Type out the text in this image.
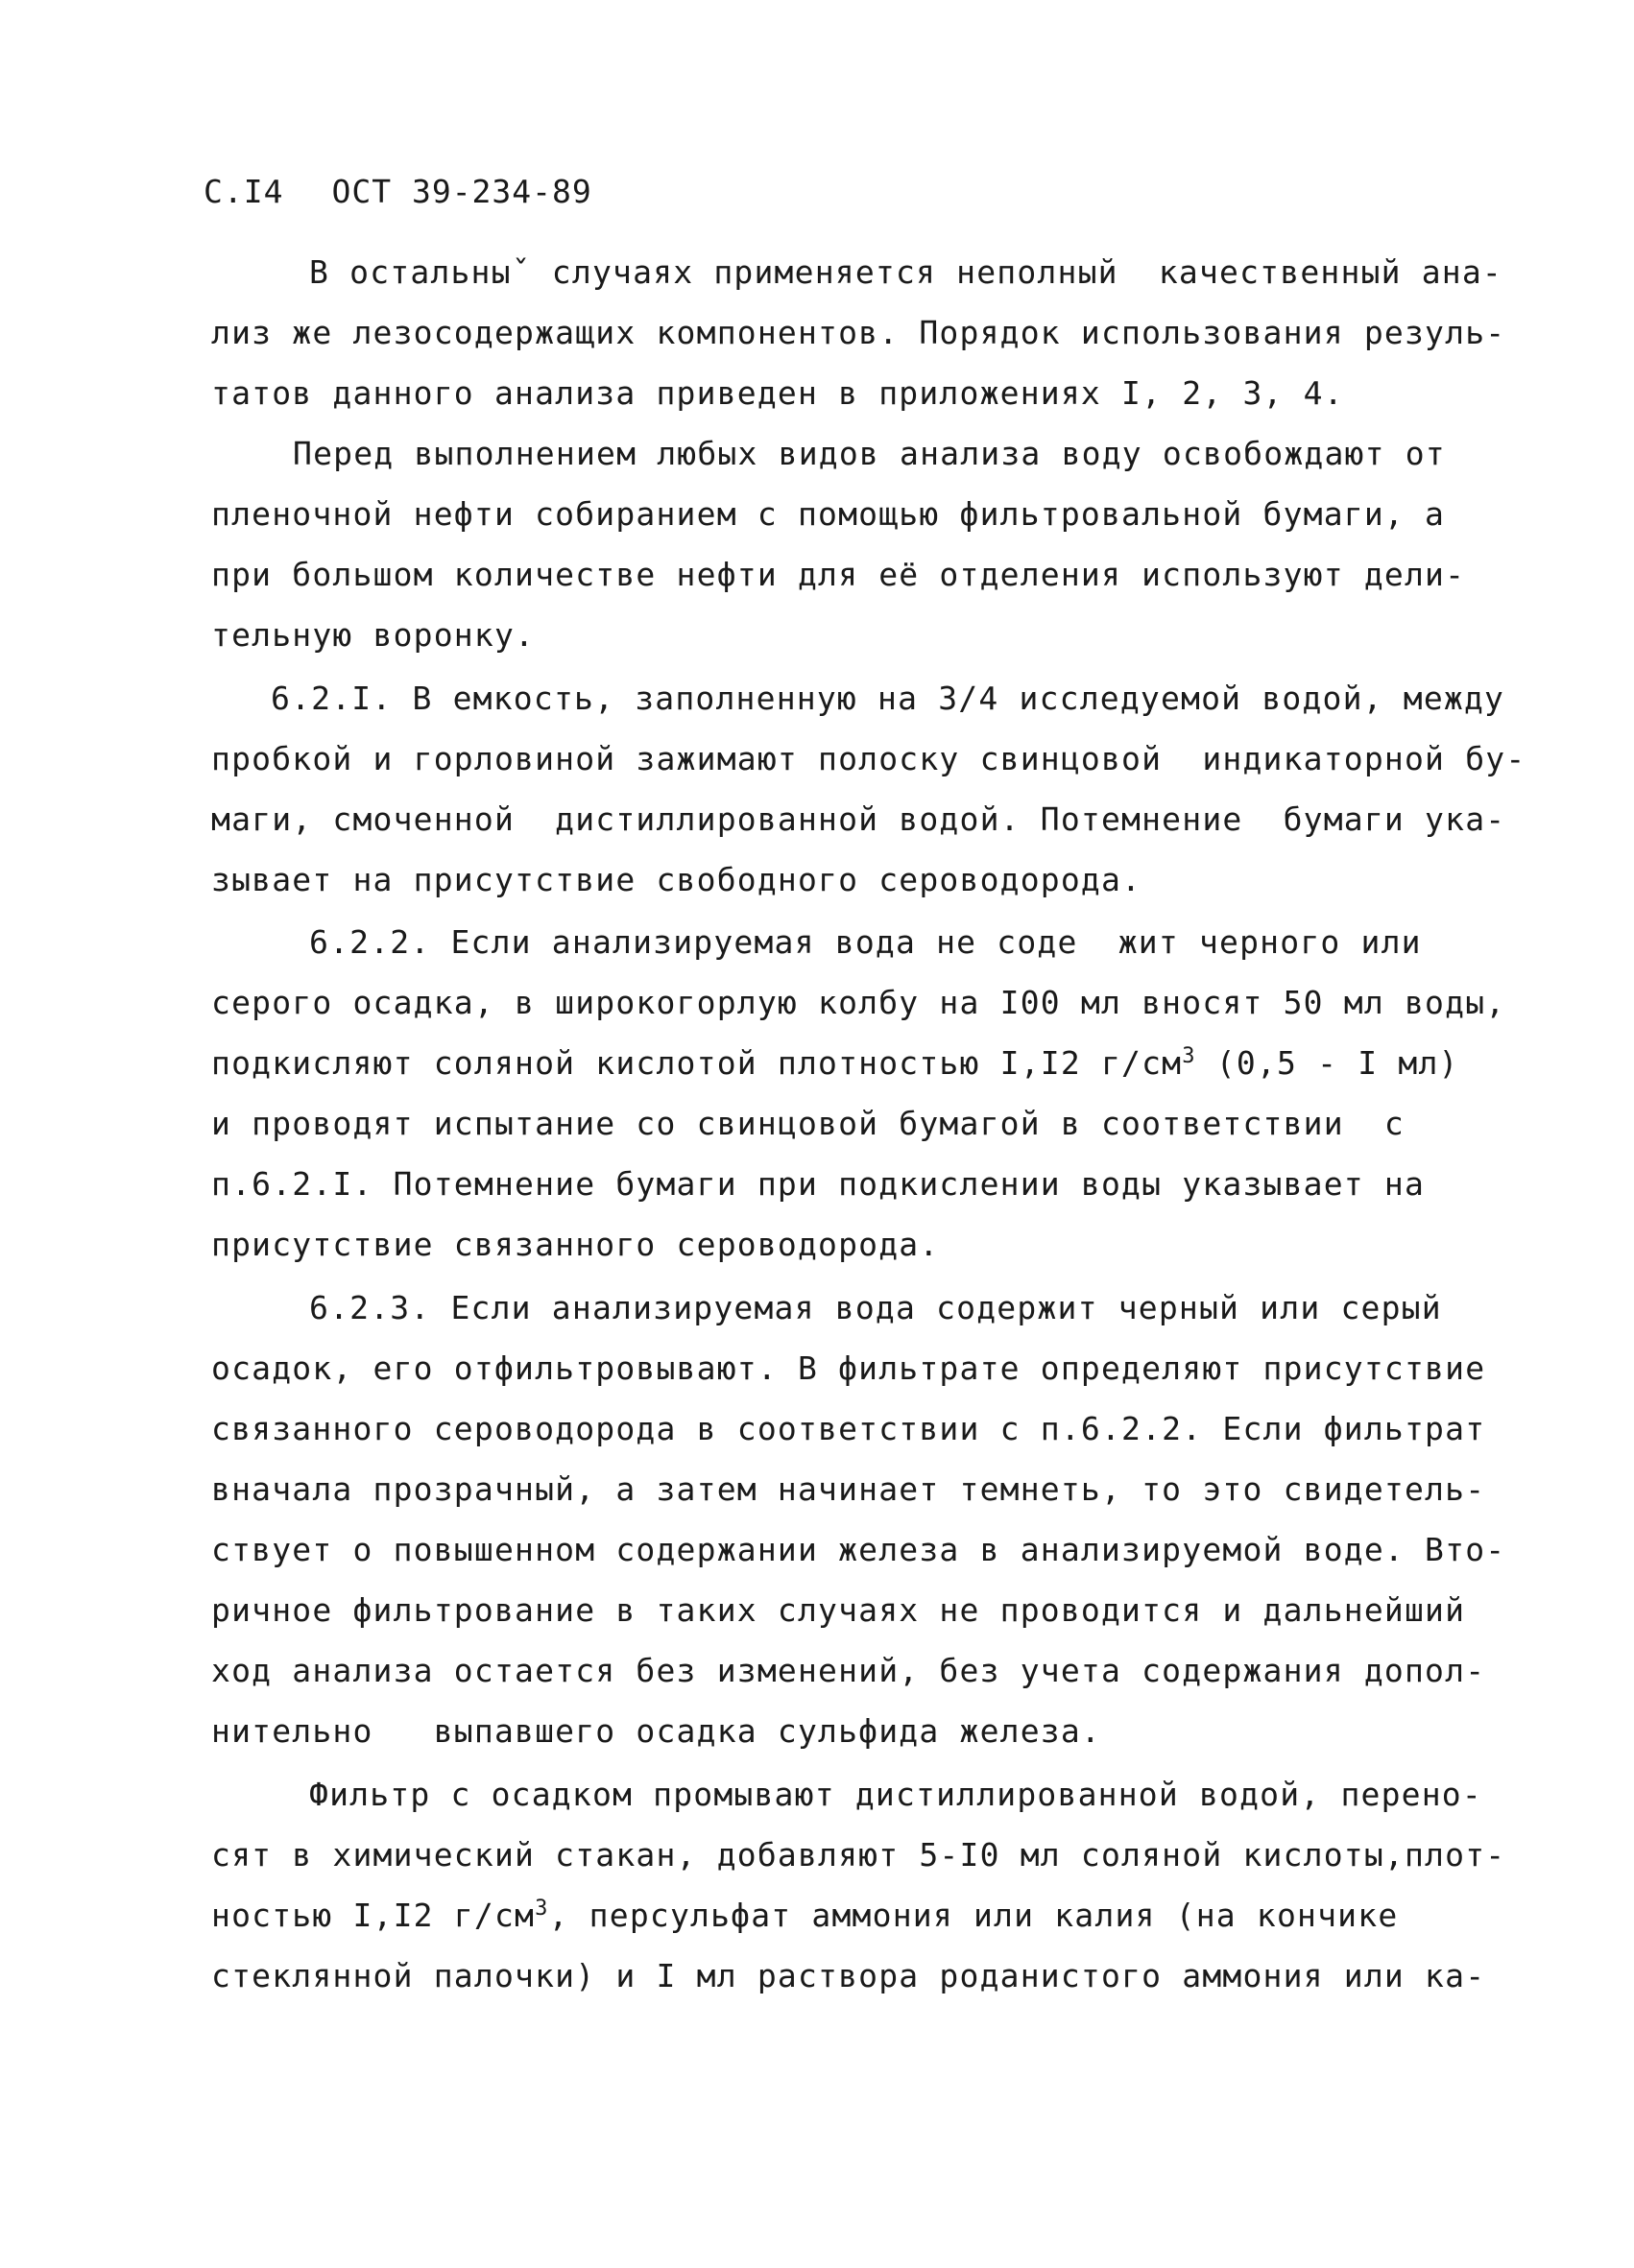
С.I4 ОСТ 39-234-89
В остальныˇ случаях применяется неполный  качественный ана-
лиз же лезосодержащих компонентов. Порядок использования резуль-
татов данного анализа приведен в приложениях I, 2, 3, 4.
Перед выполнением любых видов анализа воду освобождают от
пленочной нефти собиранием с помощью фильтровальной бумаги, а
при большом количестве нефти для её отделения используют дели-
тельную воронку.
6.2.I. В емкость, заполненную на 3/4 исследуемой водой, между
пробкой и горловиной зажимают полоску свинцовой  индикаторной бу-
маги, смоченной  дистиллированной водой. Потемнение  бумаги ука-
зывает на присутствие свободного сероводорода.
6.2.2. Если анализируемая вода не соде  жит черного или
серого осадка, в широкогорлую колбу на I00 мл вносят 50 мл воды,
подкисляют соляной кислотой плотностью I,I2 $г/см^3$ (0,5 - I мл)
и проводят испытание со свинцовой бумагой в соответствии  с
п.6.2.I. Потемнение бумаги при подкислении воды указывает на
присутствие связанного сероводорода.
6.2.3. Если анализируемая вода содержит черный или серый
осадок, его отфильтровывают. В фильтрате определяют присутствие
связанного сероводорода в соответствии с п.6.2.2. Если фильтрат
вначала прозрачный, а затем начинает темнеть, то это свидетель-
ствует о повышенном содержании железа в анализируемой воде. Вто-
ричное фильтрование в таких случаях не проводится и дальнейший
ход анализа остается без изменений, без учета содержания допол-
нительно   выпавшего осадка сульфида железа.
Фильтр с осадком промывают дистиллированной водой, перено-
сят в химический стакан, добавляют 5-I0 мл соляной кислоты,плот-
ностью I,I2 $г/см^3$, персульфат аммония или калия (на кончике
стеклянной палочки) и I мл раствора роданистого аммония или ка-
